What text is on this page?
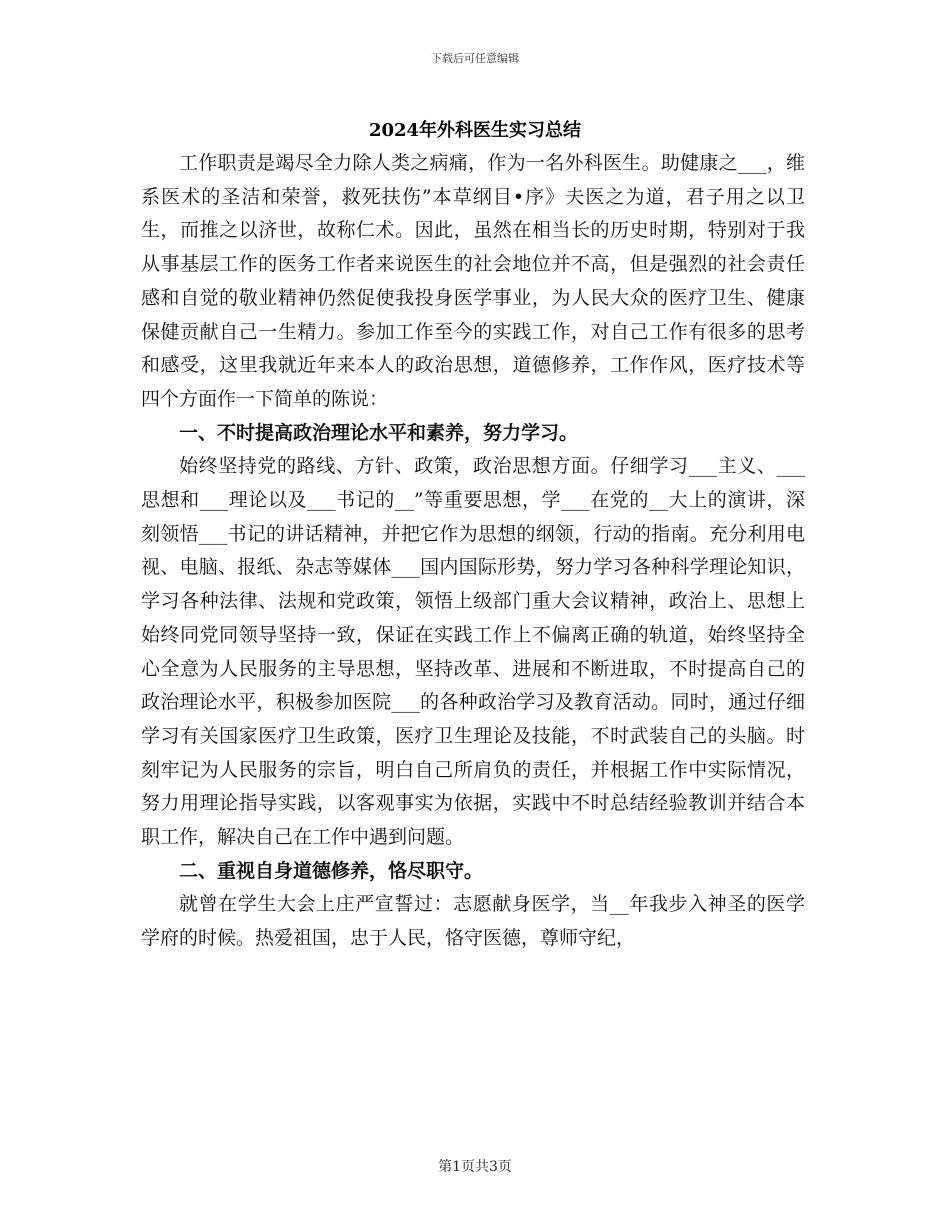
下载后可任意编辑
2024年外科医生实习总结

工作职责是竭尽全力除人类之病痛，作为一名外科医生。助健康之___，维系医术的圣洁和荣誉，救死扶伤”本草纲目•序》夫医之为道，君子用之以卫生，而推之以济世，故称仁术。因此，虽然在相当长的历史时期，特别对于我从事基层工作的医务工作者来说医生的社会地位并不高，但是强烈的社会责任感和自觉的敬业精神仍然促使我投身医学事业，为人民大众的医疗卫生、健康保健贡献自己一生精力。参加工作至今的实践工作，对自己工作有很多的思考和感受，这里我就近年来本人的政治思想，道德修养，工作作风，医疗技术等四个方面作一下简单的陈说：

一、不时提高政治理论水平和素养，努力学习。

始终坚持党的路线、方针、政策，政治思想方面。仔细学习___主义、___思想和___理论以及___书记的__”等重要思想，学___在党的__大上的演讲，深刻领悟___书记的讲话精神，并把它作为思想的纲领，行动的指南。充分利用电视、电脑、报纸、杂志等媒体___国内国际形势，努力学习各种科学理论知识，学习各种法律、法规和党政策，领悟上级部门重大会议精神，政治上、思想上始终同党同领导坚持一致，保证在实践工作上不偏离正确的轨道，始终坚持全心全意为人民服务的主导思想，坚持改革、进展和不断进取，不时提高自己的政治理论水平，积极参加医院___的各种政治学习及教育活动。同时，通过仔细学习有关国家医疗卫生政策，医疗卫生理论及技能，不时武装自己的头脑。时刻牢记为人民服务的宗旨，明白自己所肩负的责任，并根据工作中实际情况，努力用理论指导实践，以客观事实为依据，实践中不时总结经验教训并结合本职工作，解决自己在工作中遇到问题。

二、重视自身道德修养，恪尽职守。

就曾在学生大会上庄严宣誓过：志愿献身医学，当__年我步入神圣的医学学府的时候。热爱祖国，忠于人民，恪守医德，尊师守纪，

第1页共3页
